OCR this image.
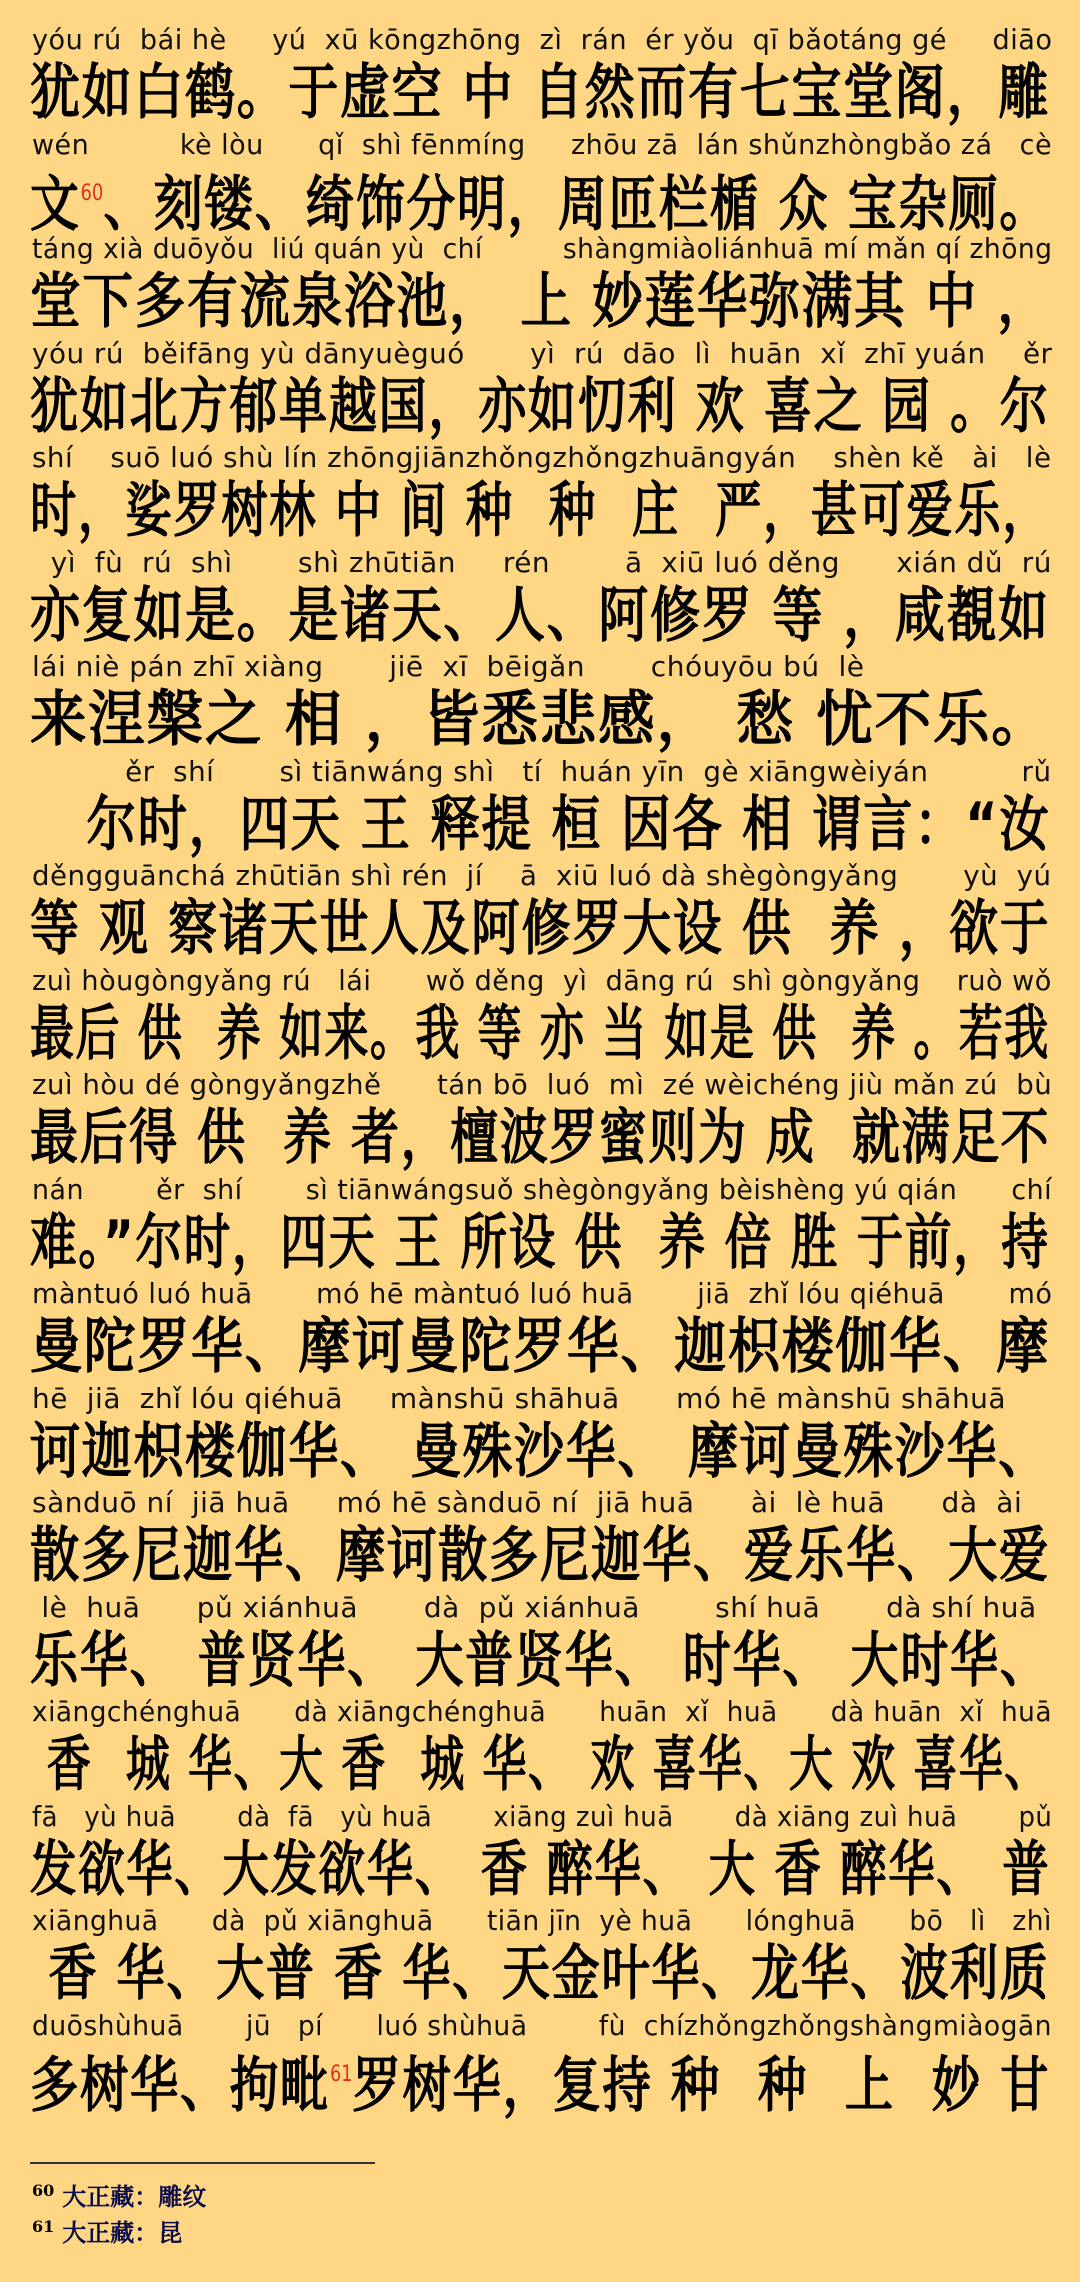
yóu rú  bái hè     yú  xū kōngzhōng  zì  rán  ér yǒu  qī bǎotáng gé     diāo
犹如白鹤。于虚空 中 自然而有七宝堂阁，雕
wén          kè lòu      qǐ  shì fēnmíng     zhōu zā  lán shǔnzhòngbǎo zá   cè
文$^{60}$、刻镂、绮饰分明，周匝栏楯 众 宝杂厕。
táng xià duōyǒu  liú quán yù  chí         shàngmiàoliánhuā mí mǎn qí zhōng
堂下多有流泉浴池， 上 妙莲华弥满其 中 ，
yóu rú  běifāng yù dānyuèguó       yì  rú  dāo  lì  huān  xǐ  zhī yuán    ěr
犹如北方郁单越国，亦如忉利 欢 喜之 园 。尔
shí    suō luó shù lín zhōngjiānzhǒngzhǒngzhuāngyán    shèn kě   ài   lè
时，娑罗树林 中 间 种  种  庄  严，甚可爱乐，
yì  fù  rú  shì       shì zhūtiān     rén        ā  xiū luó děng      xián dǔ  rú
亦复如是。是诸天、人、阿修罗 等 ，咸覩如
lái niè pán zhī xiàng       jiē  xī  bēigǎn       chóuyōu bú  lè
来涅槃之 相 ，皆悉悲感， 愁 忧不乐。
ěr  shí       sì tiānwáng shì   tí  huán yīn  gè xiāngwèiyán          rǔ
尔时，四天 王 释提 桓 因各 相 谓言：“汝
děngguānchá zhūtiān shì rén  jí    ā  xiū luó dà shègòngyǎng       yù  yú
等 观 察诸天世人及阿修罗大设 供  养 ，欲于
zuì hòugòngyǎng rú   lái      wǒ děng  yì  dāng rú  shì gòngyǎng    ruò wǒ
最后 供  养 如来。我 等 亦 当 如是 供  养 。若我
zuì hòu dé gòngyǎngzhě      tán bō  luó  mì  zé wèichéng jiù mǎn zú  bù
最后得 供  养 者，檀波罗蜜则为 成  就满足不
nán        ěr  shí       sì tiānwángsuǒ shègòngyǎng bèishèng yú qián      chí
难。”尔时，四天 王 所设 供  养 倍 胜 于前，持
màntuó luó huā       mó hē màntuó luó huā       jiā  zhǐ lóu qiéhuā       mó
曼陀罗华、摩诃曼陀罗华、迦枳楼伽华、摩
hē  jiā  zhǐ lóu qiéhuā     mànshū shāhuā      mó hē mànshū shāhuā
诃迦枳楼伽华、 曼殊沙华、 摩诃曼殊沙华、
sànduō ní  jiā huā     mó hē sànduō ní  jiā huā      ài  lè huā      dà  ài
散多尼迦华、摩诃散多尼迦华、爱乐华、大爱
lè  huā      pǔ xiánhuā       dà  pǔ xiánhuā        shí huā       dà shí huā
乐华、 普贤华、 大普贤华、 时华、 大时华、
xiāngchénghuā      dà xiāngchénghuā      huān  xǐ  huā      dà huān  xǐ  huā
香  城 华、大 香  城 华、 欢 喜华、大 欢 喜华、
fā   yù huā       dà  fā   yù huā       xiāng zuì huā       dà xiāng zuì huā       pǔ
发欲华、大发欲华、 香 醉华、 大 香 醉华、 普
xiānghuā      dà  pǔ xiānghuā      tiān jīn  yè huā      lónghuā      bō   lì   zhì
香 华、大普 香 华、天金叶华、龙华、波利质
duōshùhuā       jū   pí      luó shùhuā        fù  chízhǒngzhǒngshàngmiàogān
多树华、拘毗$^{61}$罗树华，复持 种  种  上  妙 甘
$^{60}$ 大正藏：雕纹
$^{61}$ 大正藏：昆
